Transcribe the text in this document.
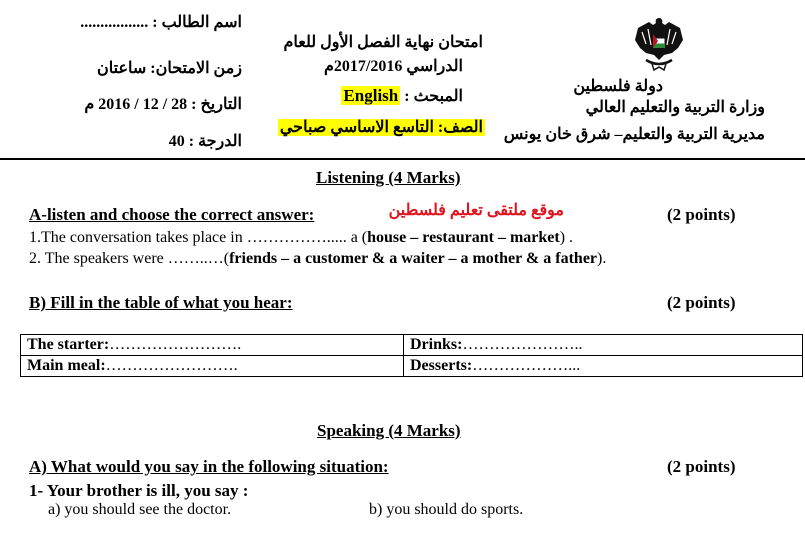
اسم الطالب : .................
زمن الامتحان: ساعتان
التاريخ : 28 / 12 / 2016 م
الدرجة : 40
امتحان نهاية الفصل الأول للعام
الدراسي 2017/2016م
المبحث : English
الصف:التاسع الاساسي صباحي
دولة فلسطين
وزارة التربية والتعليم العالي
مديرية التربية والتعليم– شرق خان يونس
Listening (4 Marks)
موقع ملتقى تعليم فلسطين
A-listen and choose the correct answer:	(2 points)
1.The conversation takes place in ……………..... a (house – restaurant – market) .
2. The speakers were ……..…(friends – a customer & a waiter – a mother & a father).
B) Fill in the table of what you hear:	(2 points)
The starter:…………………….	Drinks:…………………..
Main meal:…………………….	Desserts:………………...
Speaking (4 Marks)
A) What would you say in the following situation:	(2 points)
1- Your brother is ill, you say :
a) you should see the doctor.	b) you should do sports.
